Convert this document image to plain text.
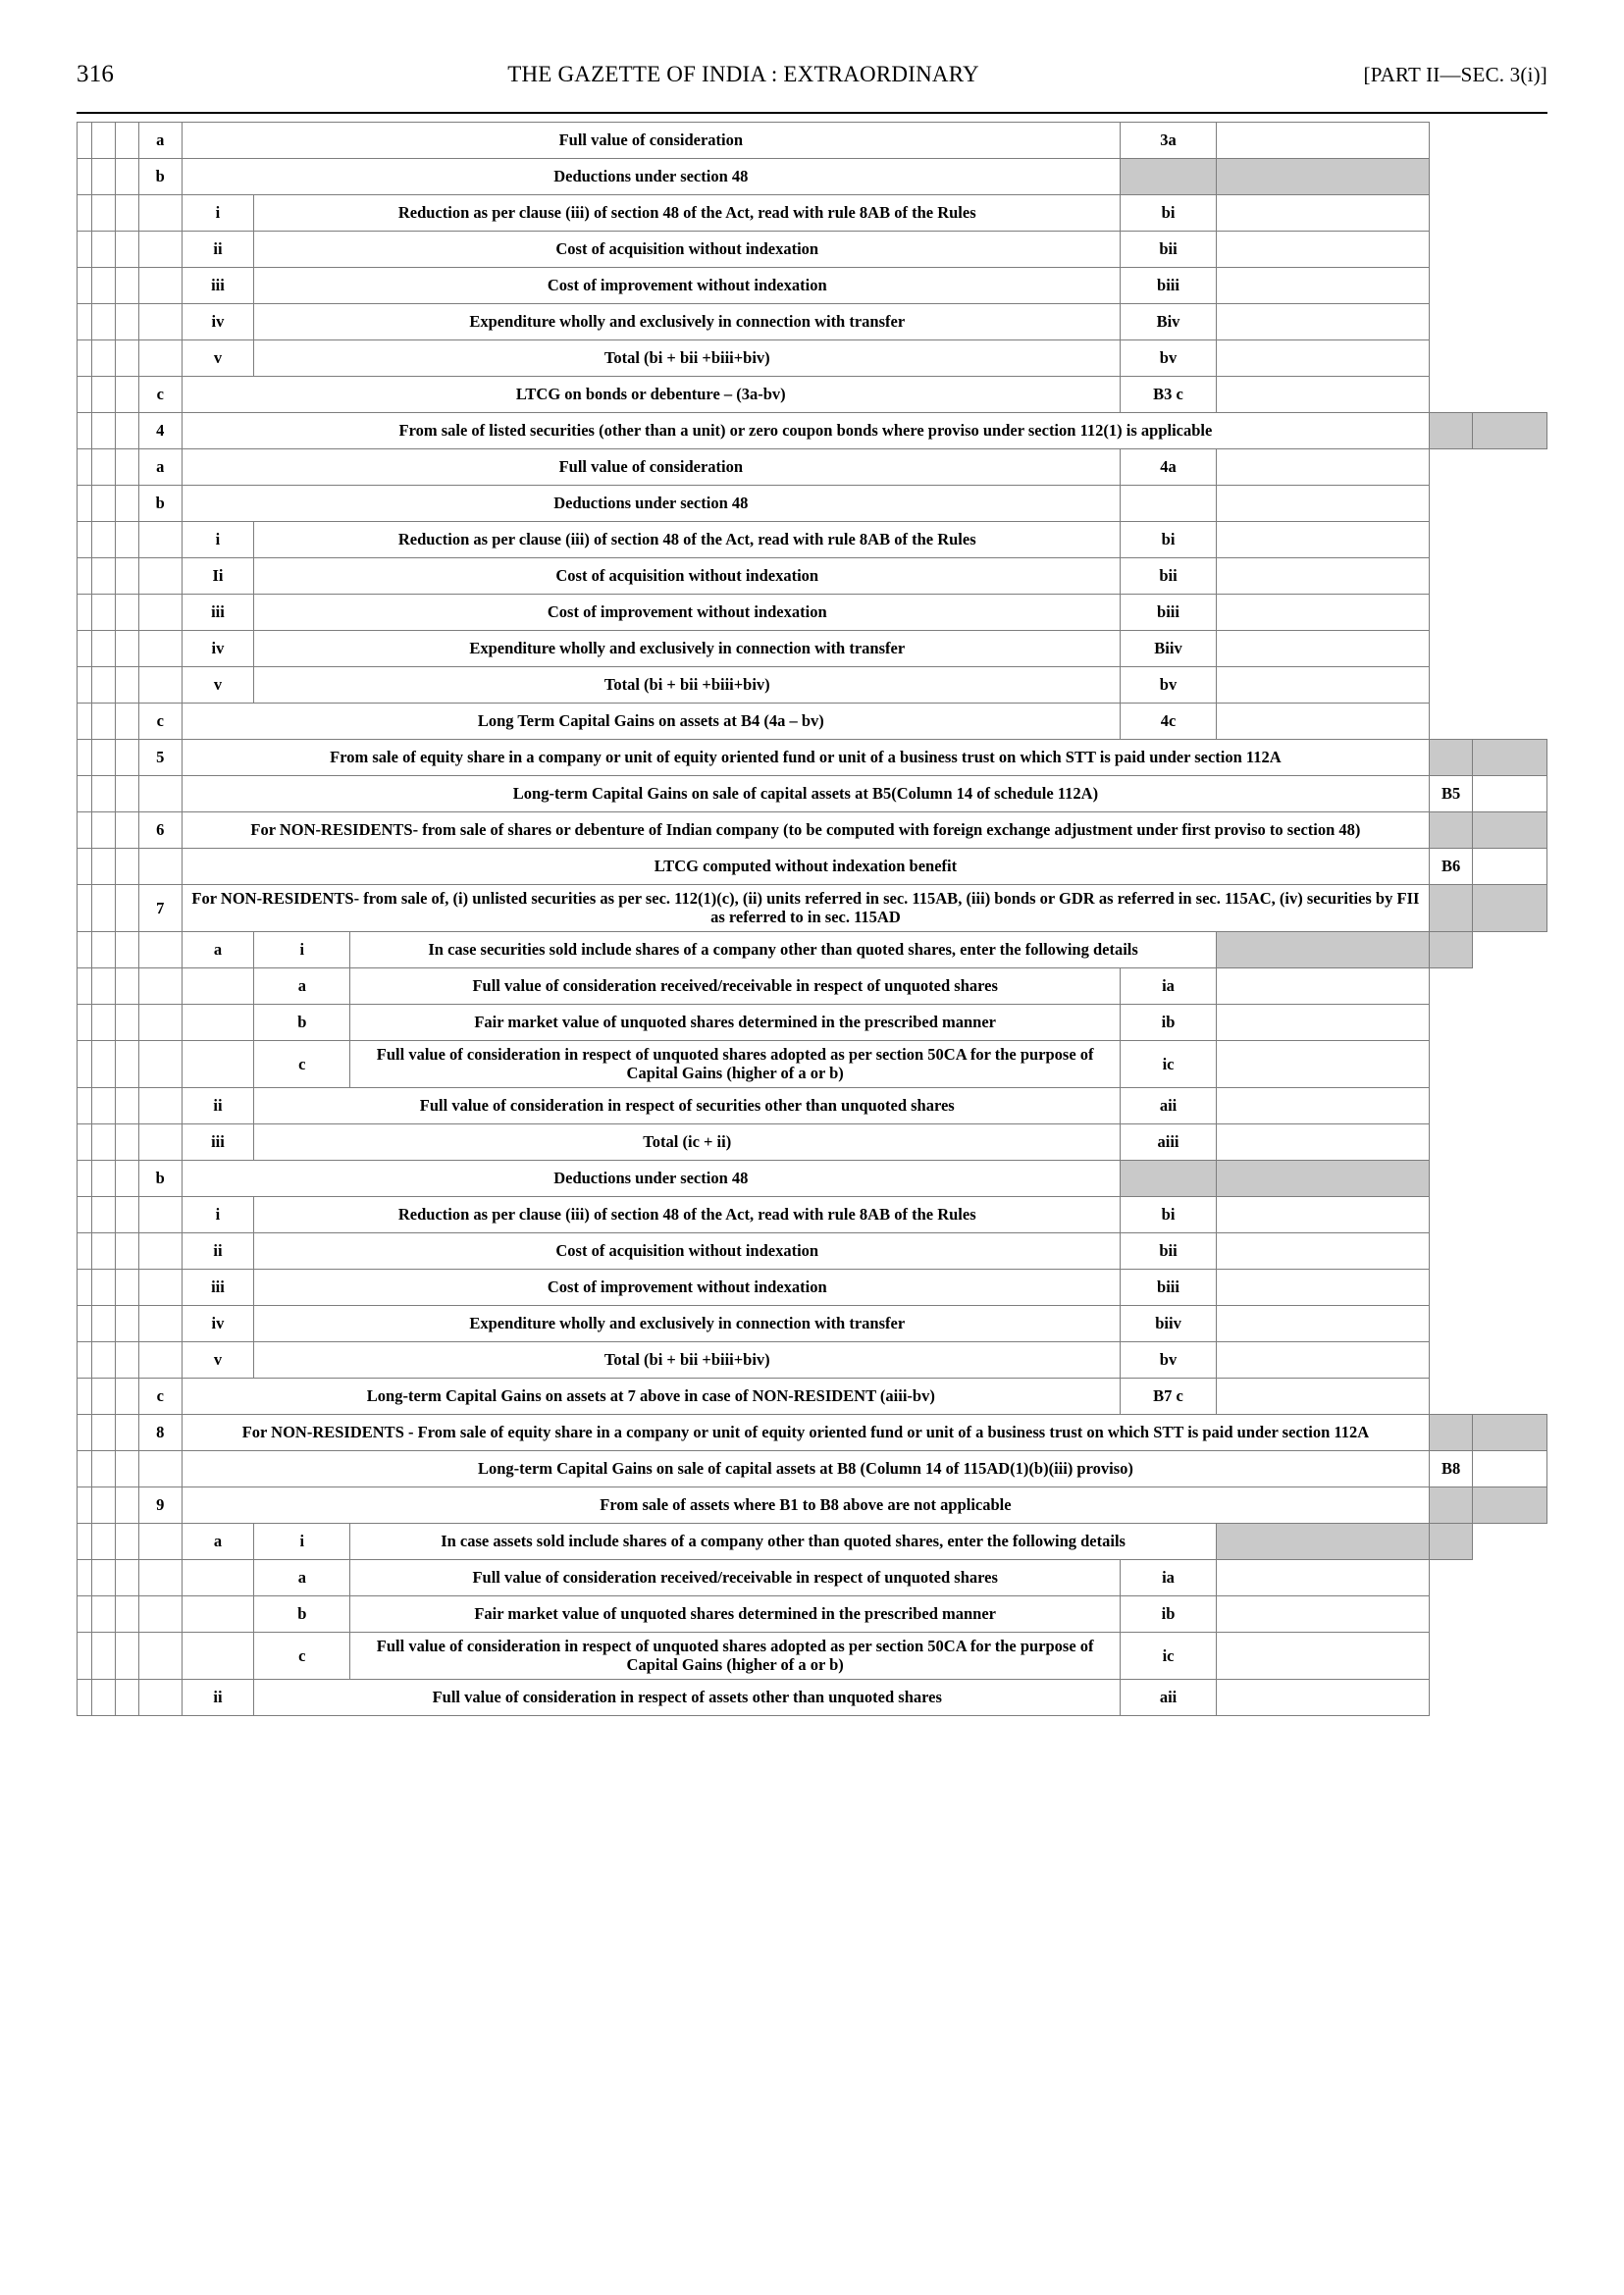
316	THE GAZETTE OF INDIA : EXTRAORDINARY	[PART II—SEC. 3(i)]
			a	Full value of consideration			3a			
			b	Deductions under section 48						
				i	Reduction as per clause (iii) of section 48 of the Act, read with rule 8AB of the Rules		bi			
				ii	Cost of acquisition without indexation		bii			
				iii	Cost of improvement without indexation		biii			
				iv	Expenditure wholly and exclusively in connection with transfer		Biv			
				v	Total (bi + bii +biii+biv)		bv			
			c	LTCG on bonds or debenture – (3a-bv)			B3 c			
			4	From sale of listed securities (other than a unit) or zero coupon bonds where proviso under section 112(1) is applicable						
			a	Full value of consideration			4a			
			b	Deductions under section 48						
				i	Reduction as per clause (iii) of section 48 of the Act, read with rule 8AB of the Rules		bi			
				Ii	Cost of acquisition without indexation		bii			
				iii	Cost of improvement without indexation		biii			
				iv	Expenditure wholly and exclusively in connection with transfer		Biiv			
				v	Total (bi + bii +biii+biv)		bv			
			c	Long Term Capital Gains on assets at B4 (4a – bv)			4c			
			5	From sale of equity share in a company or unit of equity oriented fund or unit of a business trust on which STT is paid under section 112A						
				Long-term Capital Gains on sale of capital assets at B5(Column 14 of schedule 112A)					B5	
			6	For NON-RESIDENTS- from sale of shares or debenture of Indian company (to be computed with foreign exchange adjustment under first proviso to section 48)						
				LTCG computed without indexation benefit					B6	
			7	For NON-RESIDENTS- from sale of, (i) unlisted securities as per sec. 112(1)(c), (ii) units referred in sec. 115AB, (iii) bonds or GDR as referred in sec. 115AC, (iv) securities by FII as referred to in sec. 115AD						
				a	i	In case securities sold include shares of a company other than quoted shares, enter the following details				
					a	Full value of consideration received/receivable in respect of unquoted shares	ia			
					b	Fair market value of unquoted shares determined in the prescribed manner	ib			
					c	Full value of consideration in respect of unquoted shares adopted as per section 50CA for the purpose of Capital Gains (higher of a or b)	ic			
				ii	Full value of consideration in respect of securities other than unquoted shares		aii			
				iii	Total (ic + ii)		aiii			
			b	Deductions under section 48						
				i	Reduction as per clause (iii) of section 48 of the Act, read with rule 8AB of the Rules		bi			
				ii	Cost of acquisition without indexation		bii			
				iii	Cost of improvement without indexation		biii			
				iv	Expenditure wholly and exclusively in connection with transfer		biiv			
				v	Total (bi + bii +biii+biv)		bv			
			c	Long-term Capital Gains on assets at 7 above in case of NON-RESIDENT (aiii-bv)			B7 c			
			8	For NON-RESIDENTS - From sale of equity share in a company or unit of equity oriented fund or unit of a business trust on which STT is paid under section 112A						
				Long-term Capital Gains on sale of capital assets at B8 (Column 14 of 115AD(1)(b)(iii) proviso)					B8	
			9	From sale of assets where B1 to B8 above are not applicable						
				a	i	In case assets sold include shares of a company other than quoted shares, enter the following details				
					a	Full value of consideration received/receivable in respect of unquoted shares	ia			
					b	Fair market value of unquoted shares determined in the prescribed manner	ib			
					c	Full value of consideration in respect of unquoted shares adopted as per section 50CA for the purpose of Capital Gains (higher of a or b)	ic			
				ii	Full value of consideration in respect of assets other than unquoted shares		aii			
